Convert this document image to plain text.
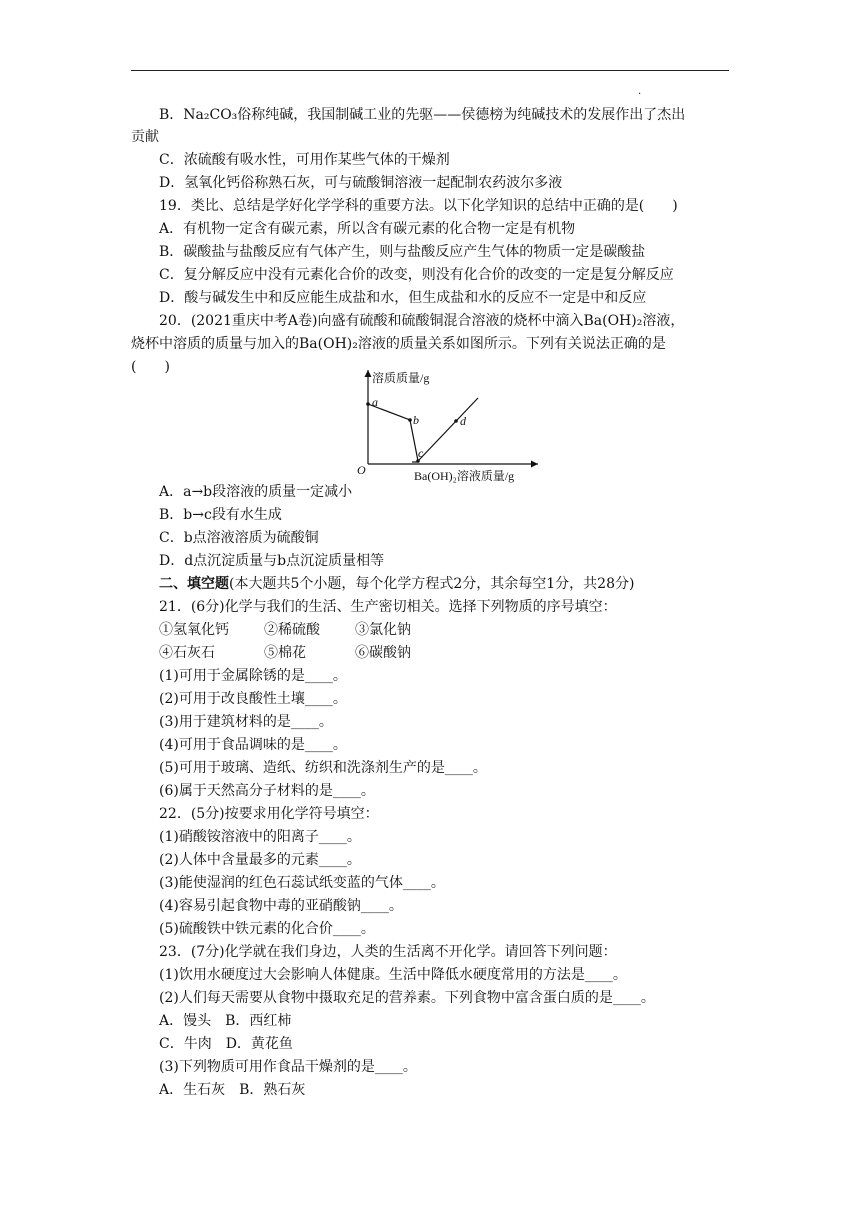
.
B．Na₂CO₃俗称纯碱，我国制碱工业的先驱——侯德榜为纯碱技术的发展作出了杰出
贡献
C．浓硫酸有吸水性，可用作某些气体的干燥剂
D．氢氧化钙俗称熟石灰，可与硫酸铜溶液一起配制农药波尔多液
19．类比、总结是学好化学学科的重要方法。以下化学知识的总结中正确的是(　　)
A．有机物一定含有碳元素，所以含有碳元素的化合物一定是有机物
B．碳酸盐与盐酸反应有气体产生，则与盐酸反应产生气体的物质一定是碳酸盐
C．复分解反应中没有元素化合价的改变，则没有化合价的改变的一定是复分解反应
D．酸与碱发生中和反应能生成盐和水，但生成盐和水的反应不一定是中和反应
20．(2021重庆中考A卷)向盛有硫酸和硫酸铜混合溶液的烧杯中滴入Ba(OH)₂溶液，
烧杯中溶质的质量与加入的Ba(OH)₂溶液的质量关系如图所示。下列有关说法正确的是
(　　)
溶质质量/g
Ba(OH)₂溶液质量/g
O
a
b
c
d
A．a→b段溶液的质量一定减小
B．b→c段有水生成
C．b点溶液溶质为硫酸铜
D．d点沉淀质量与b点沉淀质量相等
二、填空题(本大题共5个小题，每个化学方程式2分，其余每空1分，共28分)
21．(6分)化学与我们的生活、生产密切相关。选择下列物质的序号填空：
①氢氧化钙	②稀硫酸	③氯化钠
④石灰石	⑤棉花	⑥碳酸钠
(1)可用于金属除锈的是____。
(2)可用于改良酸性土壤____。
(3)用于建筑材料的是____。
(4)可用于食品调味的是____。
(5)可用于玻璃、造纸、纺织和洗涤剂生产的是____。
(6)属于天然高分子材料的是____。
22．(5分)按要求用化学符号填空：
(1)硝酸铵溶液中的阳离子____。
(2)人体中含量最多的元素____。
(3)能使湿润的红色石蕊试纸变蓝的气体____。
(4)容易引起食物中毒的亚硝酸钠____。
(5)硫酸铁中铁元素的化合价____。
23．(7分)化学就在我们身边，人类的生活离不开化学。请回答下列问题：
(1)饮用水硬度过大会影响人体健康。生活中降低水硬度常用的方法是____。
(2)人们每天需要从食物中摄取充足的营养素。下列食物中富含蛋白质的是____。
A．馒头　B．西红柿
C．牛肉　D．黄花鱼
(3)下列物质可用作食品干燥剂的是____。
A．生石灰　B．熟石灰
